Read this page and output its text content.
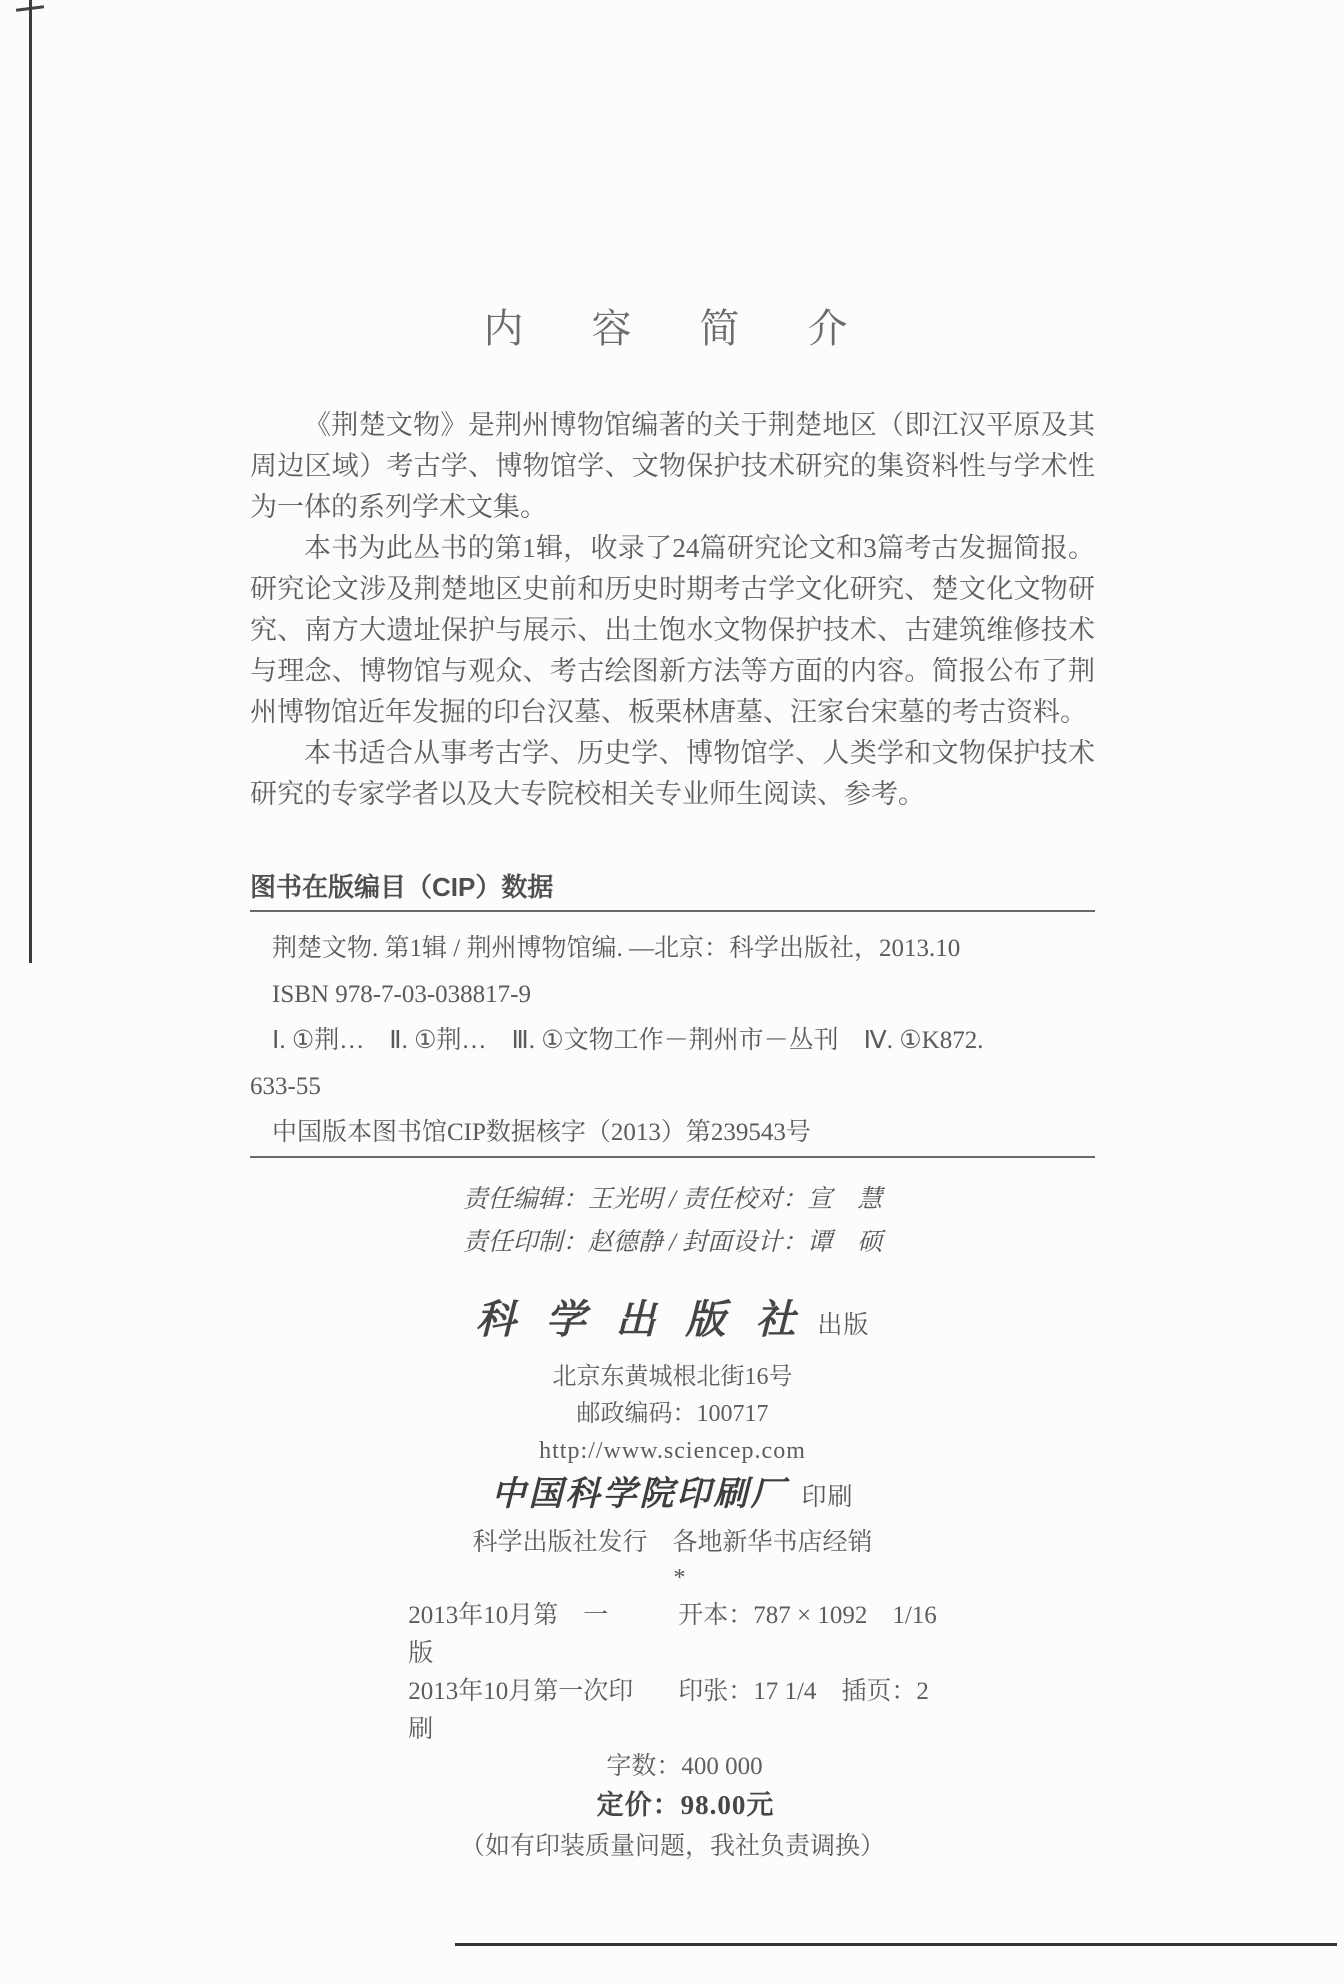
内　容　简　介

《荆楚文物》是荆州博物馆编著的关于荆楚地区（即江汉平原及其周边区域）考古学、博物馆学、文物保护技术研究的集资料性与学术性为一体的系列学术文集。

本书为此丛书的第1辑，收录了24篇研究论文和3篇考古发掘简报。研究论文涉及荆楚地区史前和历史时期考古学文化研究、楚文化文物研究、南方大遗址保护与展示、出土饱水文物保护技术、古建筑维修技术与理念、博物馆与观众、考古绘图新方法等方面的内容。简报公布了荆州博物馆近年发掘的印台汉墓、板栗林唐墓、汪家台宋墓的考古资料。

本书适合从事考古学、历史学、博物馆学、人类学和文物保护技术研究的专家学者以及大专院校相关专业师生阅读、参考。

图书在版编目（CIP）数据
荆楚文物. 第1辑 / 荆州博物馆编. —北京：科学出版社，2013.10
ISBN 978-7-03-038817-9
Ⅰ. ①荆…　Ⅱ. ①荆…　Ⅲ. ①文物工作－荆州市－丛刊　Ⅳ. ①K872.
633-55
中国版本图书馆CIP数据核字（2013）第239543号
责任编辑：王光明 / 责任校对：宣　慧
责任印制：赵德静 / 封面设计：谭　硕
科 学 出 版 社 出版
北京东黄城根北街16号
邮政编码：100717
http://www.sciencep.com
中国科学院印刷厂 印刷
科学出版社发行　各地新华书店经销
*
2013年10月第　一　版
开本：787 × 1092　1/16
2013年10月第一次印刷
印张：17 1/4　插页：2
字数：400 000
定价：98.00元
（如有印装质量问题，我社负责调换）
